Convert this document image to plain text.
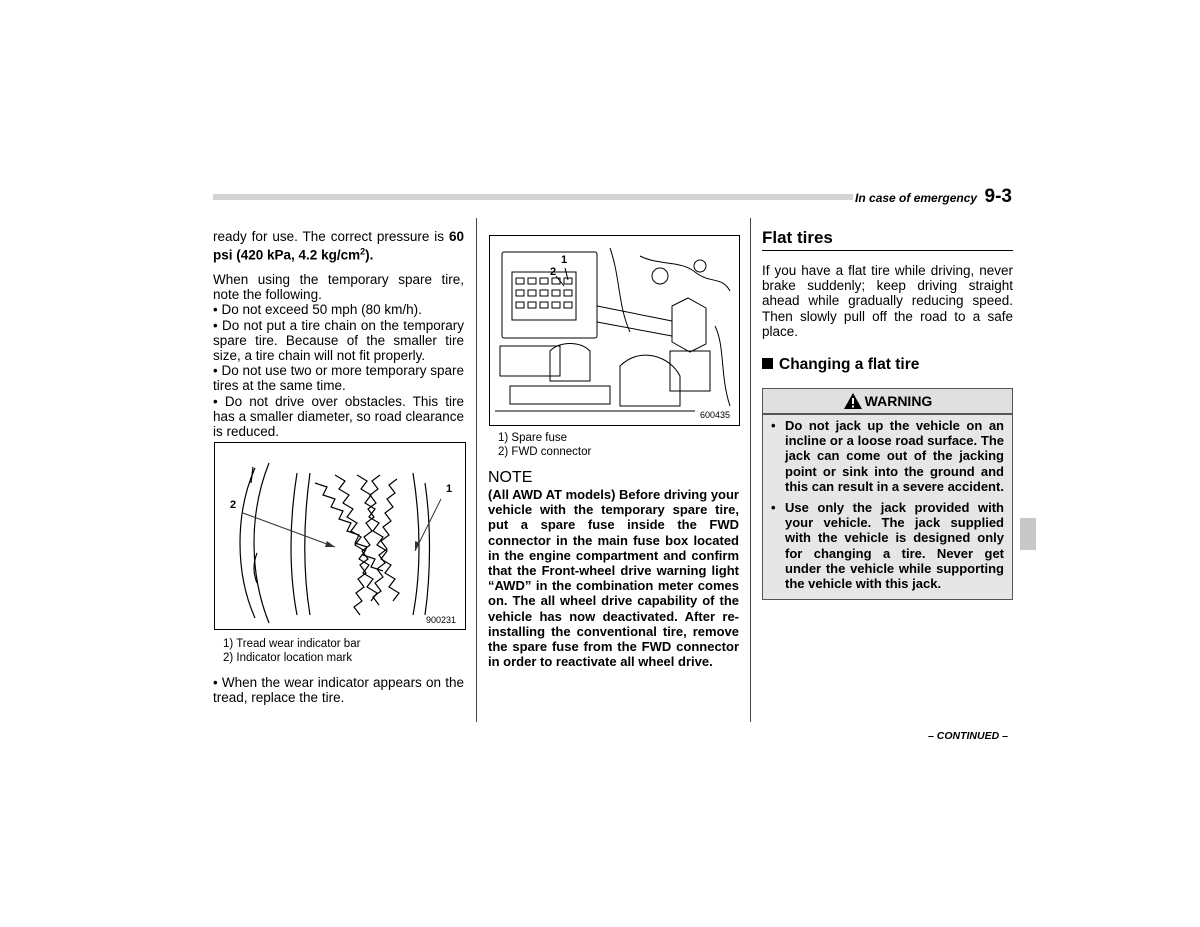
In case of emergency 9-3

ready for use. The correct pressure is 60 psi (420 kPa, 4.2 $kg/cm^2$).

When using the temporary spare tire, note the following.

• Do not exceed 50 mph (80 km/h).

• Do not put a tire chain on the temporary spare tire. Because of the smaller tire size, a tire chain will not fit properly.

• Do not use two or more temporary spare tires at the same time.

• Do not drive over obstacles. This tire has a smaller diameter, so road clearance is reduced.

2
1
900231
1) Tread wear indicator bar
2) Indicator location mark

• When the wear indicator appears on the tread, replace the tire.

1
2
600435
1) Spare fuse
2) FWD connector
NOTE
(All AWD AT models) Before driving your vehicle with the temporary spare tire, put a spare fuse inside the FWD connector in the main fuse box located in the engine compartment and confirm that the Front-wheel drive warning light “AWD” in the combination meter comes on. The all wheel drive capability of the vehicle has now deactivated. After re-installing the conventional tire, remove the spare fuse from the FWD connector in order to reactivate all wheel drive.
Flat tires
If you have a flat tire while driving, never brake suddenly; keep driving straight ahead while gradually reducing speed. Then slowly pull off the road to a safe place.
Changing a flat tire
WARNING
• Do not jack up the vehicle on an incline or a loose road surface. The jack can come out of the jacking point or sink into the ground and this can result in a severe accident.
• Use only the jack provided with your vehicle. The jack supplied with the vehicle is designed only for changing a tire. Never get under the vehicle while supporting the vehicle with this jack.
– CONTINUED –
